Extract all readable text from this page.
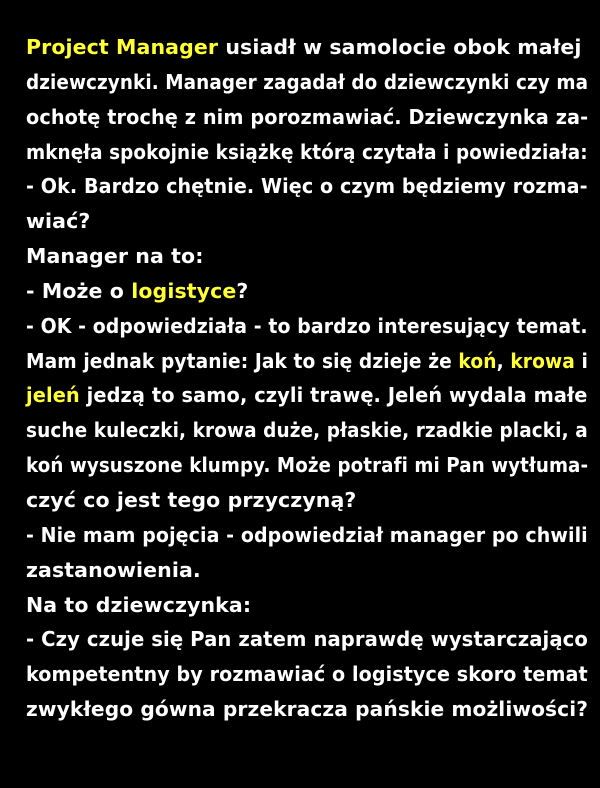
Project Manager usiadł w samolocie obok małej
dziewczynki. Manager zagadał do dziewczynki czy ma
ochotę trochę z nim porozmawiać. Dziewczynka za-
mknęła spokojnie książkę którą czytała i powiedziała:
- Ok. Bardzo chętnie. Więc o czym będziemy rozma-
wiać?
Manager na to:
- Może o logistyce?
- OK - odpowiedziała - to bardzo interesujący temat.
Mam jednak pytanie: Jak to się dzieje że koń, krowa i
jeleń jedzą to samo, czyli trawę. Jeleń wydala małe
suche kuleczki, krowa duże, płaskie, rzadkie placki, a
koń wysuszone klumpy. Może potrafi mi Pan wytłuma-
czyć co jest tego przyczyną?
- Nie mam pojęcia - odpowiedział manager po chwili
zastanowienia.
Na to dziewczynka:
- Czy czuje się Pan zatem naprawdę wystarczająco
kompetentny by rozmawiać o logistyce skoro temat
zwykłego gówna przekracza pańskie możliwości?
